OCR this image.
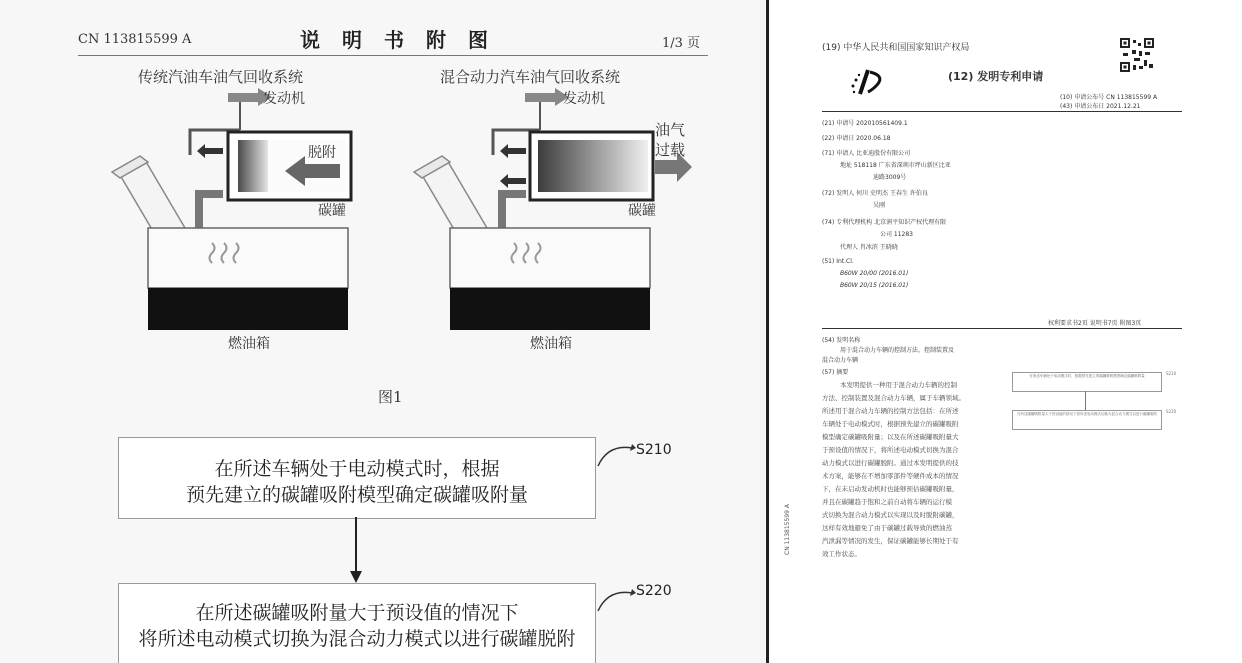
CN 113815599 A	说明书附图	1/3 页
传统汽油车油气回收系统
发动机
脱附
碳罐
燃油箱
混合动力汽车油气回收系统
发动机
油气过载
碳罐
燃油箱
图1
在所述车辆处于电动模式时，根据
预先建立的碳罐吸附模型确定碳罐吸附量
S210
在所述碳罐吸附量大于预设值的情况下
将所述电动模式切换为混合动力模式以进行碳罐脱附
S220
(19) 中华人民共和国国家知识产权局
(12) 发明专利申请
(10) 申请公布号 CN 113815599 A
(43) 申请公布日 2021.12.21
(21) 申请号 202010561409.1
(22) 申请日 2020.06.18
(71) 申请人 比亚迪股份有限公司
地址 518118 广东省深圳市坪山新区比亚
迪路3009号
(72) 发明人 何川 史明杰 王春生 许伯良
吴刚
(74) 专利代理机构 北京润平知识产权代理有限
公司 11283
代理人 肖冰滨 王晓晓
(51) Int.Cl.
B60W 20/00 (2016.01)
B60W 20/15 (2016.01)
权利要求书2页 说明书7页 附图3页
(54) 发明名称
用于混合动力车辆的控制方法、控制装置及
混合动力车辆
(57) 摘要
本发明提供一种用于混合动力车辆的控制
方法、控制装置及混合动力车辆，属于车辆领域。
所述用于混合动力车辆的控制方法包括：在所述
车辆处于电动模式时，根据预先建立的碳罐吸附
模型确定碳罐吸附量；以及在所述碳罐吸附量大
于预设值的情况下，将所述电动模式切换为混合
动力模式以进行碳罐脱附。通过本发明提供的技
术方案，能够在不增加零部件等硬件成本的情况
下，在未启动发动机时也能够预估碳罐吸附量，
并且在碳罐趋于饱和之前自动将车辆的运行模
式切换为混合动力模式以实现以及时脱附碳罐，
这样有效地避免了由于碳罐过载导致的燃油蒸
汽泄漏等情况的发生，保证碳罐能够长期处于有
效工作状态。
在所述车辆处于电动模式时，根据预先建立的碳罐吸附模型确定碳罐吸附量
在所述碳罐吸附量大于预设值的情况下将所述电动模式切换为混合动力模式以进行碳罐脱附
S210
S220
CN 113815599 A
